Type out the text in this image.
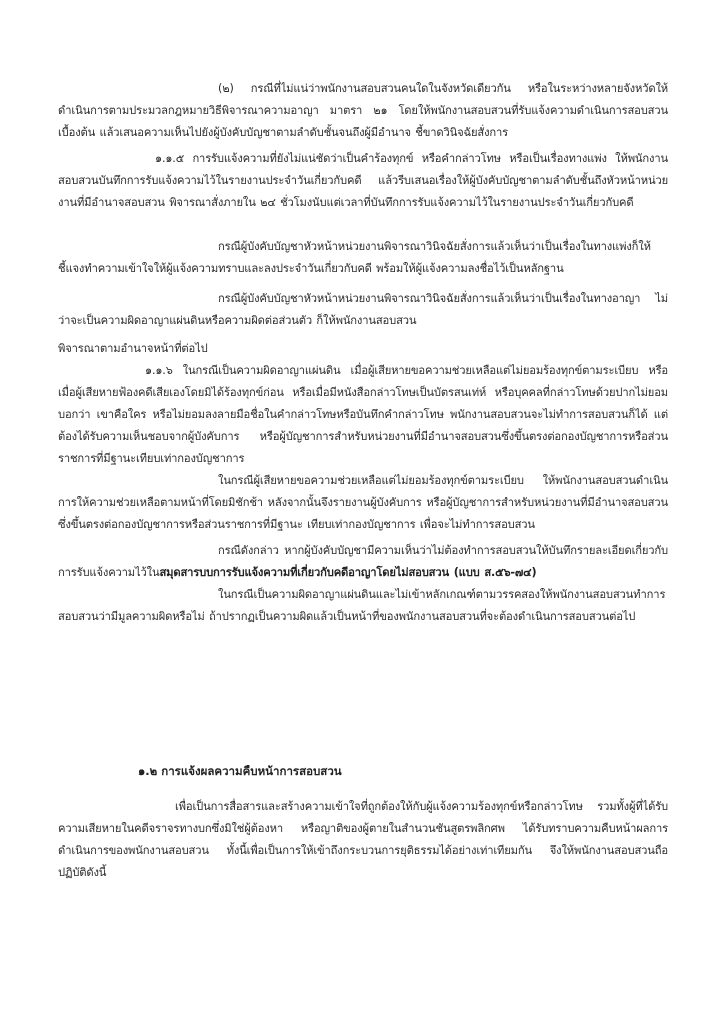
(๒) กรณีที่ไม่แน่ว่าพนักงานสอบสวนคนใดในจังหวัดเดียวกัน หรือในระหว่างหลายจังหวัดให้ดำเนินการตามประมวลกฎหมายวิธีพิจารณาความอาญา มาตรา ๒๑ โดยให้พนักงานสอบสวนที่รับแจ้งความดำเนินการสอบสวนเบื้องต้น แล้วเสนอความเห็นไปยังผู้บังคับบัญชาตามลำดับชั้นจนถึงผู้มีอำนาจ ชี้ขาดวินิจฉัยสั่งการ

๑.๑.๕ การรับแจ้งความที่ยังไม่แน่ชัดว่าเป็นคำร้องทุกข์ หรือคำกล่าวโทษ หรือเป็นเรื่องทางแพ่ง ให้พนักงานสอบสวนบันทึกการรับแจ้งความไว้ในรายงานประจำวันเกี่ยวกับคดี แล้วรีบเสนอเรื่องให้ผู้บังคับบัญชาตามลำดับชั้นถึงหัวหน้าหน่วยงานที่มีอำนาจสอบสวน พิจารณาสั่งภายใน ๒๔ ชั่วโมงนับแต่เวลาที่บันทึกการรับแจ้งความไว้ในรายงานประจำวันเกี่ยวกับคดี

กรณีผู้บังคับบัญชาหัวหน้าหน่วยงานพิจารณาวินิจฉัยสั่งการแล้วเห็นว่าเป็นเรื่องในทางแพ่งก็ให้ชี้แจงทำความเข้าใจให้ผู้แจ้งความทราบและลงประจำวันเกี่ยวกับคดี พร้อมให้ผู้แจ้งความลงชื่อไว้เป็นหลักฐาน

กรณีผู้บังคับบัญชาหัวหน้าหน่วยงานพิจารณาวินิจฉัยสั่งการแล้วเห็นว่าเป็นเรื่องในทางอาญา ไม่ว่าจะเป็นความผิดอาญาแผ่นดินหรือความผิดต่อส่วนตัว ก็ให้พนักงานสอบสวน

พิจารณาตามอำนาจหน้าที่ต่อไป

๑.๑.๖ ในกรณีเป็นความผิดอาญาแผ่นดิน เมื่อผู้เสียหายขอความช่วยเหลือแต่ไม่ยอมร้องทุกข์ตามระเบียบ หรือเมื่อผู้เสียหายฟ้องคดีเสียเองโดยมิได้ร้องทุกข์ก่อน หรือเมื่อมีหนังสือกล่าวโทษเป็นบัตรสนเท่ห์ หรือบุคคลที่กล่าวโทษด้วยปากไม่ยอมบอกว่า เขาคือใคร หรือไม่ยอมลงลายมือชื่อในคำกล่าวโทษหรือบันทึกคำกล่าวโทษ พนักงานสอบสวนจะไม่ทำการสอบสวนก็ได้ แต่ต้องได้รับความเห็นชอบจากผู้บังคับการ หรือผู้บัญชาการสำหรับหน่วยงานที่มีอำนาจสอบสวนซึ่งขึ้นตรงต่อกองบัญชาการหรือส่วนราชการที่มีฐานะเทียบเท่ากองบัญชาการ

ในกรณีผู้เสียหายขอความช่วยเหลือแต่ไม่ยอมร้องทุกข์ตามระเบียบ ให้พนักงานสอบสวนดำเนินการให้ความช่วยเหลือตามหน้าที่โดยมิชักช้า หลังจากนั้นจึงรายงานผู้บังคับการ หรือผู้บัญชาการสำหรับหน่วยงานที่มีอำนาจสอบสวนซึ่งขึ้นตรงต่อกองบัญชาการหรือส่วนราชการที่มีฐานะ เทียบเท่ากองบัญชาการ เพื่อจะไม่ทำการสอบสวน

กรณีดังกล่าว หากผู้บังคับบัญชามีความเห็นว่าไม่ต้องทำการสอบสวนให้บันทึกรายละเอียดเกี่ยวกับการรับแจ้งความไว้ในสมุดสารบบการรับแจ้งความที่เกี่ยวกับคดีอาญาโดยไม่สอบสวน (แบบ ส.๕๖-๗๔)

ในกรณีเป็นความผิดอาญาแผ่นดินและไม่เข้าหลักเกณฑ์ตามวรรคสองให้พนักงานสอบสวนทำการสอบสวนว่ามีมูลความผิดหรือไม่ ถ้าปรากฏเป็นความผิดแล้วเป็นหน้าที่ของพนักงานสอบสวนที่จะต้องดำเนินการสอบสวนต่อไป

๑.๒ การแจ้งผลความคืบหน้าการสอบสวน

เพื่อเป็นการสื่อสารและสร้างความเข้าใจที่ถูกต้องให้กับผู้แจ้งความร้องทุกข์หรือกล่าวโทษ รวมทั้งผู้ที่ได้รับความเสียหายในคดีจราจรทางบกซึ่งมิใช่ผู้ต้องหา หรือญาติของผู้ตายในสำนวนชันสูตรพลิกศพ ได้รับทราบความคืบหน้าผลการดำเนินการของพนักงานสอบสวน ทั้งนี้เพื่อเป็นการให้เข้าถึงกระบวนการยุติธรรมได้อย่างเท่าเทียมกัน จึงให้พนักงานสอบสวนถือปฏิบัติดังนี้
